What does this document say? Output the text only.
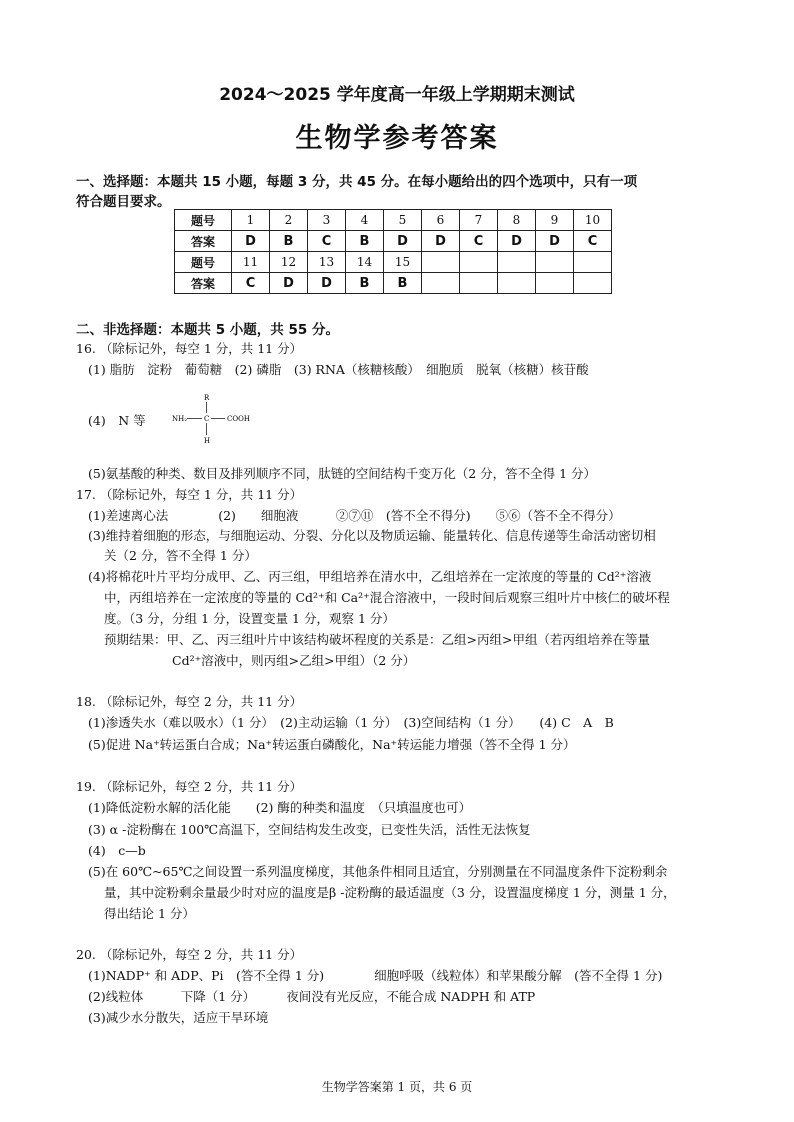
2024～2025 学年度高一年级上学期期末测试
生物学参考答案
一、选择题：本题共 15 小题，每题 3 分，共 45 分。在每小题给出的四个选项中，只有一项
符合题目要求。
题号	1	2	3	4	5	6	7	8	9	10
答案	D	B	C	B	D	D	C	D	D	C
题号	11	12	13	14	15					
答案	C	D	D	B	B					
二、非选择题：本题共 5 小题，共 55 分。
16. （除标记外，每空 1 分，共 11 分）
(1) 脂肪　淀粉　葡萄糖　(2) 磷脂　(3) RNA（核糖核酸）　细胞质　脱氧（核糖）核苷酸
(4)　N 等
R
NH₂ C	COOH
H
(5)氨基酸的种类、数目及排列顺序不同，肽链的空间结构千变万化（2 分，答不全得 1 分）
17. （除标记外，每空 1 分，共 11 分）
(1)差速离心法　　　　(2)　　细胞液　　　②⑦⑪　(答不全不得分)　　⑤⑥（答不全不得分）
(3)维持着细胞的形态，与细胞运动、分裂、分化以及物质运输、能量转化、信息传递等生命活动密切相
关（2 分，答不全得 1 分）
(4)将棉花叶片平均分成甲、乙、丙三组，甲组培养在清水中，乙组培养在一定浓度的等量的 Cd²⁺溶液
中，丙组培养在一定浓度的等量的 Cd²⁺和 Ca²⁺混合溶液中，一段时间后观察三组叶片中核仁的破坏程
度。（3 分，分组 1 分，设置变量 1 分，观察 1 分）
预期结果：甲、乙、丙三组叶片中该结构破坏程度的关系是：乙组>丙组>甲组（若丙组培养在等量
Cd²⁺溶液中，则丙组>乙组>甲组）（2 分）
18. （除标记外，每空 2 分，共 11 分）
(1)渗透失水（难以吸水）（1 分）　(2)主动运输（1 分）　(3)空间结构（1 分）　　(4) C　A　B
(5)促进 Na⁺转运蛋白合成；Na⁺转运蛋白磷酸化，Na⁺转运能力增强（答不全得 1 分）
19. （除标记外，每空 2 分，共 11 分）
(1)降低淀粉水解的活化能　　(2) 酶的种类和温度　（只填温度也可）
(3) α -淀粉酶在 100℃高温下，空间结构发生改变，已变性失活，活性无法恢复
(4)　c—b
(5)在 60℃~65℃之间设置一系列温度梯度，其他条件相同且适宜，分别测量在不同温度条件下淀粉剩余
量，其中淀粉剩余量最少时对应的温度是β -淀粉酶的最适温度（3 分，设置温度梯度 1 分，测量 1 分，
得出结论 1 分）
20. （除标记外，每空 2 分，共 11 分）
(1)NADP⁺ 和 ADP、Pi　(答不全得 1 分)　　　　细胞呼吸（线粒体）和苹果酸分解　(答不全得 1 分)
(2)线粒体　　　下降（1 分）　　　夜间没有光反应，不能合成 NADPH 和 ATP
(3)减少水分散失，适应干旱环境
生物学答案第 1 页，共 6 页
